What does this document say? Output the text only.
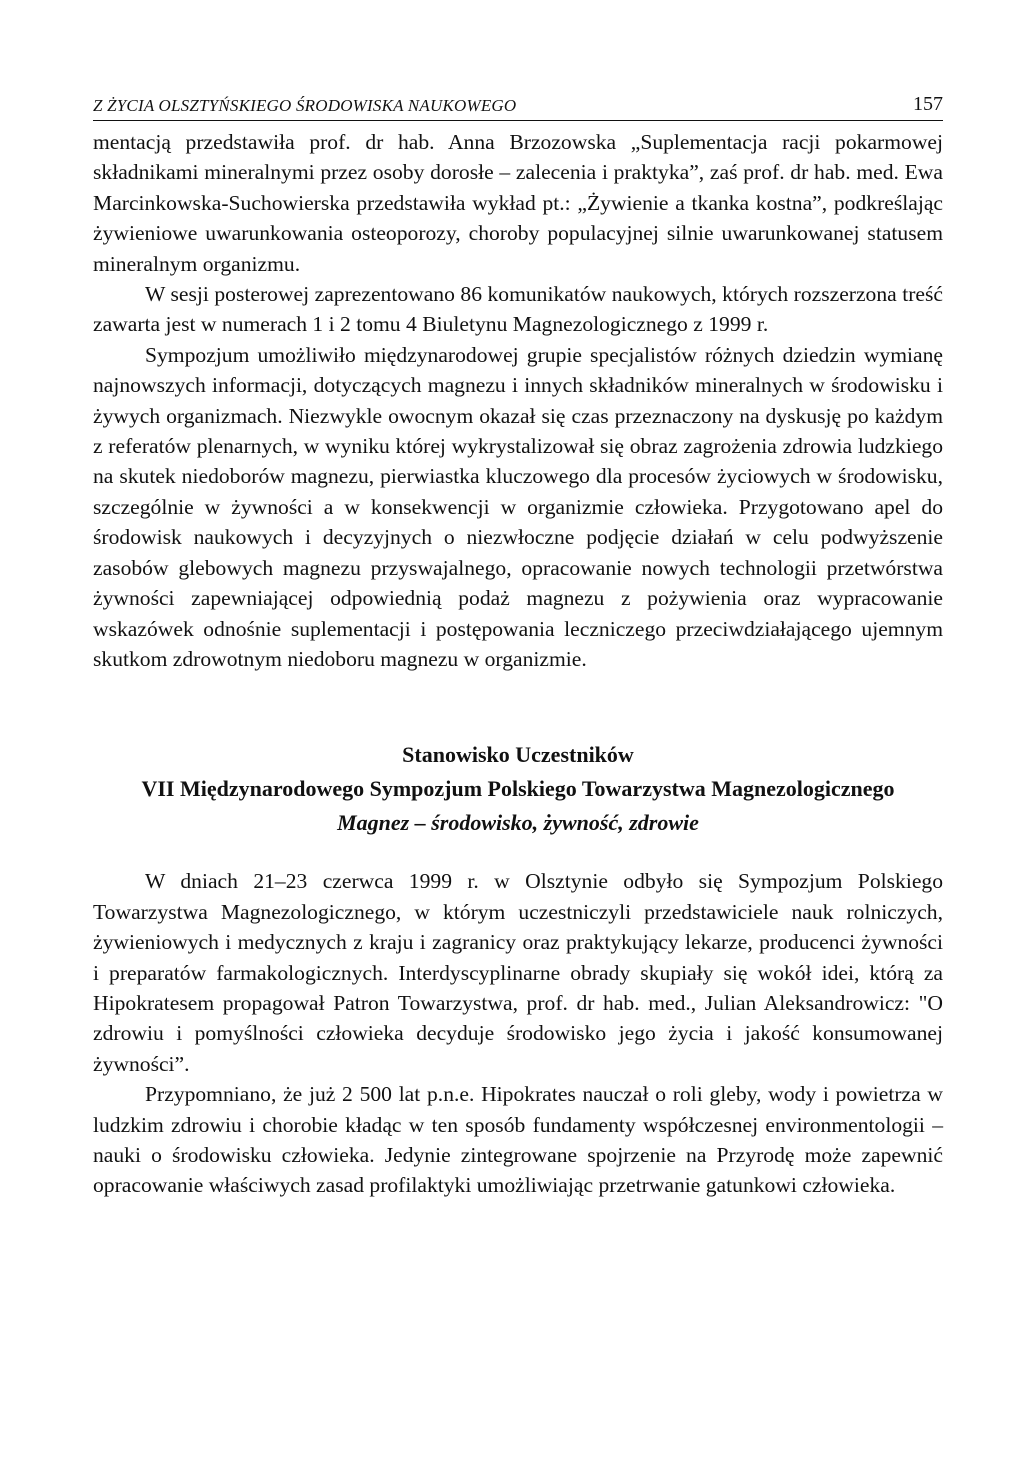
Z ŻYCIA OLSZTYŃSKIEGO ŚRODOWISKA NAUKOWEGO	157

mentacją przedstawiła prof. dr hab. Anna Brzozowska „Suplementacja racji pokarmowej składnikami mineralnymi przez osoby dorosłe – zalecenia i praktyka”, zaś prof. dr hab. med. Ewa Marcinkowska-Suchowierska przedstawiła wykład pt.: „Żywienie a tkanka kostna”, podkreślając żywieniowe uwarunkowania osteoporozy, choroby populacyjnej silnie uwarunkowanej statusem mineralnym organizmu.

W sesji posterowej zaprezentowano 86 komunikatów naukowych, których rozszerzona treść zawarta jest w numerach 1 i 2 tomu 4 Biuletynu Magnezologicznego z 1999 r.

Sympozjum umożliwiło międzynarodowej grupie specjalistów różnych dziedzin wymianę najnowszych informacji, dotyczących magnezu i innych składników mineralnych w środowisku i żywych organizmach. Niezwykle owocnym okazał się czas przeznaczony na dyskusję po każdym z referatów plenarnych, w wyniku której wykrystalizował się obraz zagrożenia zdrowia ludzkiego na skutek niedoborów magnezu, pierwiastka kluczowego dla procesów życiowych w środowisku, szczególnie w żywności a w konsekwencji w organizmie człowieka. Przygotowano apel do środowisk naukowych i decyzyjnych o niezwłoczne podjęcie działań w celu podwyższenie zasobów glebowych magnezu przyswajalnego, opracowanie nowych technologii przetwórstwa żywności zapewniającej odpowiednią podaż magnezu z pożywienia oraz wypracowanie wskazówek odnośnie suplementacji i postępowania leczniczego przeciwdziałającego ujemnym skutkom zdrowotnym niedoboru magnezu w organizmie.

Stanowisko Uczestników
VII Międzynarodowego Sympozjum Polskiego Towarzystwa Magnezologicznego
Magnez – środowisko, żywność, zdrowie

W dniach 21–23 czerwca 1999 r. w Olsztynie odbyło się Sympozjum Polskiego Towarzystwa Magnezologicznego, w którym uczestniczyli przedstawiciele nauk rolniczych, żywieniowych i medycznych z kraju i zagranicy oraz praktykujący lekarze, producenci żywności i preparatów farmakologicznych. Interdyscyplinarne obrady skupiały się wokół idei, którą za Hipokratesem propagował Patron Towarzystwa, prof. dr hab. med., Julian Aleksandrowicz: "O zdrowiu i pomyślności człowieka decyduje środowisko jego życia i jakość konsumowanej żywności”.

Przypomniano, że już 2 500 lat p.n.e. Hipokrates nauczał o roli gleby, wody i powietrza w ludzkim zdrowiu i chorobie kładąc w ten sposób fundamenty współczesnej environmentologii – nauki o środowisku człowieka. Jedynie zintegrowane spojrzenie na Przyrodę może zapewnić opracowanie właściwych zasad profilaktyki umożliwiając przetrwanie gatunkowi człowieka.
